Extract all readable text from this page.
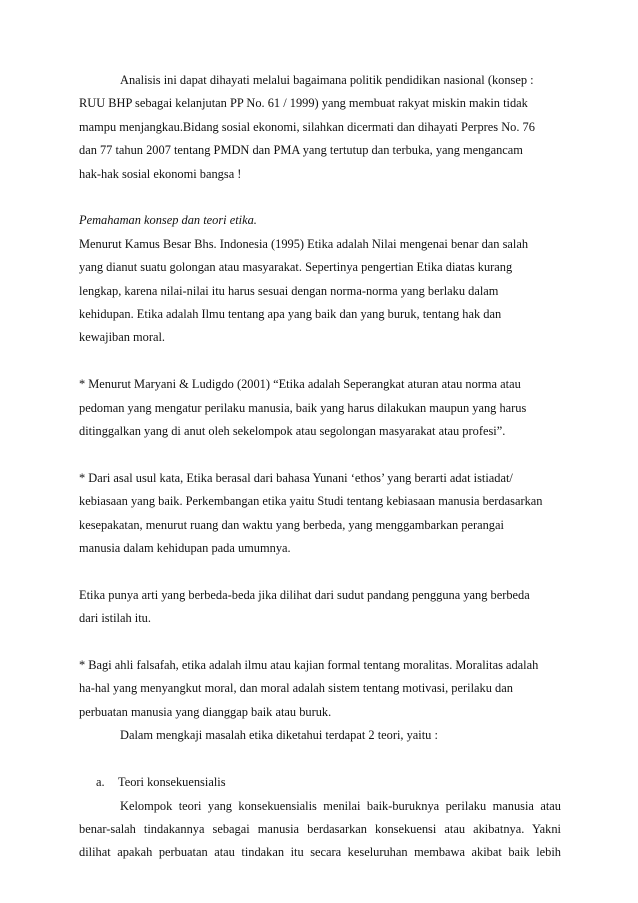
Analisis ini dapat dihayati melalui bagaimana politik pendidikan nasional (konsep :
RUU BHP sebagai kelanjutan PP No. 61 / 1999) yang membuat rakyat miskin makin tidak
mampu menjangkau.Bidang sosial ekonomi, silahkan dicermati dan dihayati Perpres No. 76
dan 77 tahun 2007 tentang PMDN dan PMA yang tertutup dan terbuka, yang mengancam
hak-hak sosial ekonomi bangsa !
Pemahaman konsep dan teori etika.
Menurut Kamus Besar Bhs. Indonesia (1995) Etika adalah Nilai mengenai benar dan salah
yang dianut suatu golongan atau masyarakat. Sepertinya pengertian Etika diatas kurang
lengkap, karena nilai-nilai itu harus sesuai dengan norma-norma yang berlaku dalam
kehidupan. Etika adalah Ilmu tentang apa yang baik dan yang buruk, tentang hak dan
kewajiban moral.
* Menurut Maryani & Ludigdo (2001) “Etika adalah Seperangkat aturan atau norma atau
pedoman yang mengatur perilaku manusia, baik yang harus dilakukan maupun yang harus
ditinggalkan yang di anut oleh sekelompok atau segolongan masyarakat atau profesi”.
* Dari asal usul kata, Etika berasal dari bahasa Yunani ‘ethos’ yang berarti adat istiadat/
kebiasaan yang baik. Perkembangan etika yaitu Studi tentang kebiasaan manusia berdasarkan
kesepakatan, menurut ruang dan waktu yang berbeda, yang menggambarkan perangai
manusia dalam kehidupan pada umumnya.
Etika punya arti yang berbeda-beda jika dilihat dari sudut pandang pengguna yang berbeda
dari istilah itu.
* Bagi ahli falsafah, etika adalah ilmu atau kajian formal tentang moralitas. Moralitas adalah
ha-hal yang menyangkut moral, dan moral adalah sistem tentang motivasi, perilaku dan
perbuatan manusia yang dianggap baik atau buruk.
Dalam mengkaji masalah etika diketahui terdapat 2 teori, yaitu :
a. Teori konsekuensialis
Kelompok teori yang konsekuensialis menilai baik-buruknya perilaku manusia atau
benar-salah tindakannya sebagai manusia berdasarkan konsekuensi atau akibatnya. Yakni
dilihat apakah perbuatan atau tindakan itu secara keseluruhan membawa akibat baik lebih
